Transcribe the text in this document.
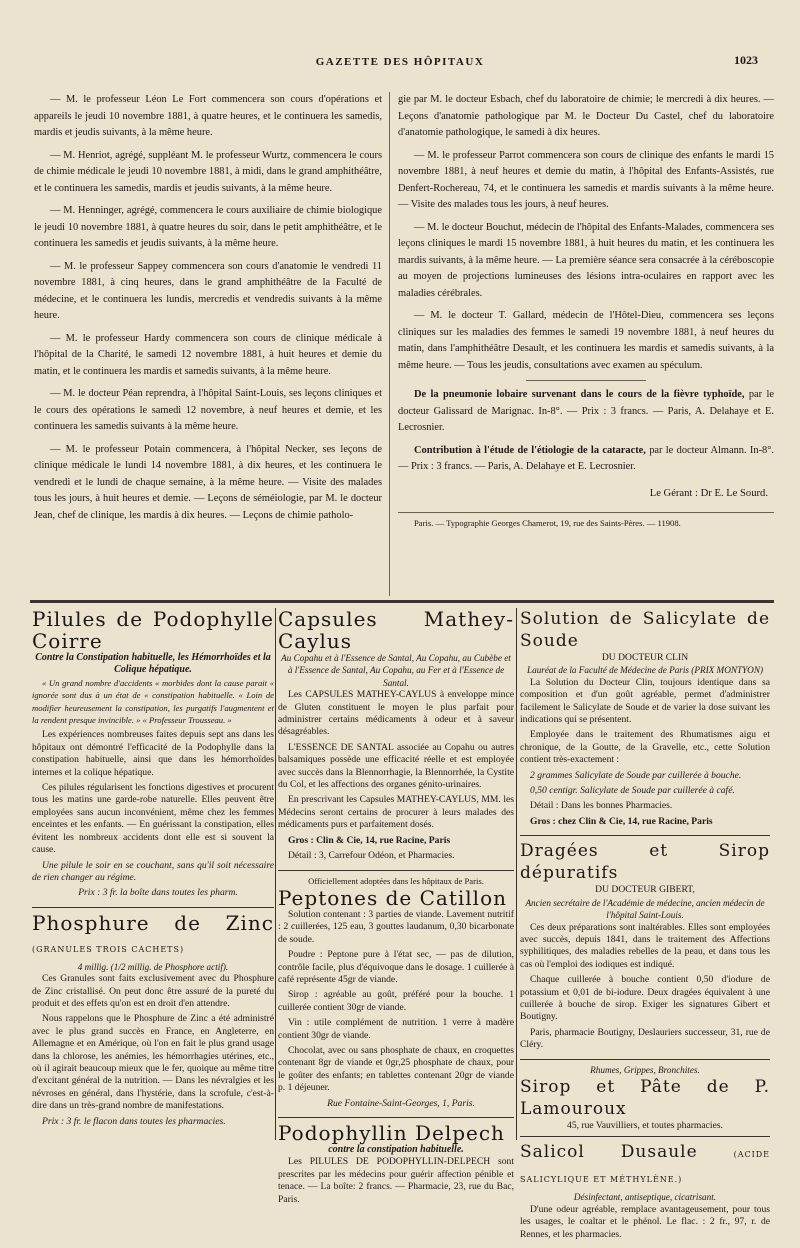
GAZETTE DES HÔPITAUX	1023

— M. le professeur Léon Le Fort commencera son cours d'opérations et appareils le jeudi 10 novembre 1881, à quatre heures, et le continuera les samedis, mardis et jeudis suivants, à la même heure.

— M. Henriot, agrégé, suppléant M. le professeur Wurtz, commencera le cours de chimie médicale le jeudi 10 novembre 1881, à midi, dans le grand amphithéâtre, et le continuera les samedis, mardis et jeudis suivants, à la même heure.

— M. Henninger, agrégé, commencera le cours auxiliaire de chimie biologique le jeudi 10 novembre 1881, à quatre heures du soir, dans le petit amphithéâtre, et le continuera les samedis et jeudis suivants, à la même heure.

— M. le professeur Sappey commencera son cours d'anatomie le vendredi 11 novembre 1881, à cinq heures, dans le grand amphithéâtre de la Faculté de médecine, et le continuera les lundis, mercredis et vendredis suivants à la même heure.

— M. le professeur Hardy commencera son cours de clinique médicale à l'hôpital de la Charité, le samedi 12 novembre 1881, à huit heures et demie du matin, et le continuera les mardis et samedis suivants, à la même heure.

— M. le docteur Péan reprendra, à l'hôpital Saint-Louis, ses leçons cliniques et le cours des opérations le samedi 12 novembre, à neuf heures et demie, et les continuera les samedis suivants à la même heure.

— M. le professeur Potain commencera, à l'hôpital Necker, ses leçons de clinique médicale le lundi 14 novembre 1881, à dix heures, et les continuera le vendredi et le lundi de chaque semaine, à la même heure. — Visite des malades tous les jours, à huit heures et demie. — Leçons de séméiologie, par M. le docteur Jean, chef de clinique, les mardis à dix heures. — Leçons de chimie patholo-

gie par M. le docteur Esbach, chef du laboratoire de chimie; le mercredi à dix heures. — Leçons d'anatomie pathologique par M. le Docteur Du Castel, chef du laboratoire d'anatomie pathologique, le samedi à dix heures.

— M. le professeur Parrot commencera son cours de clinique des enfants le mardi 15 novembre 1881, à neuf heures et demie du matin, à l'hôpital des Enfants-Assistés, rue Denfert-Rochereau, 74, et le continuera les samedis et mardis suivants à la même heure. — Visite des malades tous les jours, à neuf heures.

— M. le docteur Bouchut, médecin de l'hôpital des Enfants-Malades, commencera ses leçons cliniques le mardi 15 novembre 1881, à huit heures du matin, et les continuera les mardis suivants, à la même heure. — La première séance sera consacrée à la céréboscopie au moyen de projections lumineuses des lésions intra-oculaires en rapport avec les maladies cérébrales.

— M. le docteur T. Gallard, médecin de l'Hôtel-Dieu, commencera ses leçons cliniques sur les maladies des femmes le samedi 19 novembre 1881, à neuf heures du matin, dans l'amphithéâtre Desault, et les continuera les mardis et samedis suivants, à la même heure. — Tous les jeudis, consultations avec examen au spéculum.

De la pneumonie lobaire survenant dans le cours de la fièvre typhoïde, par le docteur Galissard de Marignac. In-8°. — Prix : 3 francs. — Paris, A. Delahaye et E. Lecrosnier.
Contribution à l'étude de l'étiologie de la cataracte, par le docteur Almann. In-8°. — Prix : 3 francs. — Paris, A. Delahaye et E. Lecrosnier.
Le Gérant : Dr E. Le Sourd.
Paris. — Typographie Georges Chamerot, 19, rue des Saints-Pères. — 11908.
Pilules de Podophylle Coirre
Contre la Constipation habituelle, les Hémorrhoïdes et la Colique hépatique.

« Un grand nombre d'accidents « morbides dont la cause parait « ignorée sont dus à un état de « constipation habituelle. « Loin de modifier heureusement la constipation, les purgatifs l'augmentent et la rendent presque invincible. » « Professeur Trousseau. »

Les expériences nombreuses faites depuis sept ans dans les hôpitaux ont démontré l'efficacité de la Podophylle dans la constipation habituelle, ainsi que dans les hémorrhoïdes internes et la colique hépatique.

Ces pilules régularisent les fonctions digestives et procurent tous les matins une garde-robe naturelle. Elles peuvent être employées sans aucun inconvénient, même chez les femmes enceintes et les enfants. — En guérissant la constipation, elles évitent les nombreux accidents dont elle est si souvent la cause.

Une pilule le soir en se couchant, sans qu'il soit nécessaire de rien changer au régime.

Prix : 3 fr. la boîte dans toutes les pharm.

Phosphure de Zinc (GRANULES TROIS CACHETS)
4 millig. (1/2 millig. de Phosphore actif).

Ces Granules sont faits exclusivement avec du Phosphure de Zinc cristallisé. On peut donc être assuré de la pureté du produit et des effets qu'on est en droit d'en attendre.

Nous rappelons que le Phosphure de Zinc a été administré avec le plus grand succès en France, en Angleterre, en Allemagne et en Amérique, où l'on en fait le plus grand usage dans la chlorose, les anémies, les hémorrhagies utérines, etc., où il agirait beaucoup mieux que le fer, quoique au même titre d'excitant général de la nutrition. — Dans les névralgies et les névroses en général, dans l'hystérie, dans la scrofule, c'est-à-dire dans un très-grand nombre de manifestations.

Prix : 3 fr. le flacon dans toutes les pharmacies.

Capsules Mathey-Caylus
Au Copahu et à l'Essence de Santal, Au Copahu, au Cubèbe et à l'Essence de Santal, Au Copahu, au Fer et à l'Essence de Santal.

Les CAPSULES MATHEY-CAYLUS à enveloppe mince de Gluten constituent le moyen le plus parfait pour administrer certains médicaments à odeur et à saveur désagréables.

L'ESSENCE DE SANTAL associée au Copahu ou autres balsamiques possède une efficacité réelle et est employée avec succès dans la Blennorrhagie, la Blennorrhée, la Cystite du Col, et les affections des organes génito-urinaires.

En prescrivant les Capsules MATHEY-CAYLUS, MM. les Médecins seront certains de procurer à leurs malades des médicaments purs et parfaitement dosés.

Gros : Clin & Cie, 14, rue Racine, Paris

Détail : 3, Carrefour Odéon, et Pharmacies.

Officiellement adoptées dans les hôpitaux de Paris.
Peptones de Catillon

Solution contenant : 3 parties de viande. Lavement nutritif : 2 cuillerées, 125 eau, 3 gouttes laudanum, 0,30 bicarbonate de soude.

Poudre : Peptone pure à l'état sec, — pas de dilution, contrôle facile, plus d'équivoque dans le dosage. 1 cuillerée à café représente 45gr de viande.

Sirop : agréable au goût, préféré pour la bouche. 1 cuillerée contient 30gr de viande.

Vin : utile complément de nutrition. 1 verre à madère contient 30gr de viande.

Chocolat, avec ou sans phosphate de chaux, en croquettes contenant 8gr de viande et 0gr,25 phosphate de chaux, pour le goûter des enfants; en tablettes contenant 20gr de viande p. 1 déjeuner.

Rue Fontaine-Saint-Georges, 1, Paris.

Podophyllin Delpech
contre la constipation habituelle.

Les PILULES DE PODOPHYLLIN-DELPECH sont prescrites par les médecins pour guérir affection pénible et tenace. — La boîte: 2 francs. — Pharmacie, 23, rue du Bac, Paris.

Solution de Salicylate de Soude
DU DOCTEUR CLIN
Lauréat de la Faculté de Médecine de Paris (PRIX MONTYON)

La Solution du Docteur Clin, toujours identique dans sa composition et d'un goût agréable, permet d'administrer facilement le Salicylate de Soude et de varier la dose suivant les indications qui se présentent.

Employée dans le traitement des Rhumatismes aigu et chronique, de la Goutte, de la Gravelle, etc., cette Solution contient très-exactement :

2 grammes Salicylate de Soude par cuillerée à bouche.

0,50 centigr. Salicylate de Soude par cuillerée à café.

Détail : Dans les bonnes Pharmacies.

Gros : chez Clin & Cie, 14, rue Racine, Paris

Dragées et Sirop dépuratifs
DU DOCTEUR GIBERT,
Ancien secrétaire de l'Académie de médecine, ancien médecin de l'hôpital Saint-Louis.

Ces deux préparations sont inaltérables. Elles sont employées avec succès, depuis 1841, dans le traitement des Affections syphilitiques, des maladies rebelles de la peau, et dans tous les cas où l'emploi des iodiques est indiqué.

Chaque cuillerée à bouche contient 0,50 d'iodure de potassium et 0,01 de bi-iodure. Deux dragées équivalent à une cuillerée à bouche de sirop. Exiger les signatures Gibert et Boutigny.

Paris, pharmacie Boutigny, Deslauriers successeur, 31, rue de Cléry.

Rhumes, Grippes, Bronchites.
Sirop et Pâte de P. Lamouroux
45, rue Vauvilliers, et toutes pharmacies.
Salicol Dusaule	(ACIDE SALICYLIQUE ET MÉTHYLÈNE.)
Désinfectant, antiseptique, cicatrisant.

D'une odeur agréable, remplace avantageusement, pour tous les usages, le coaltar et le phénol. Le flac. : 2 fr., 97, r. de Rennes, et les pharmacies.
